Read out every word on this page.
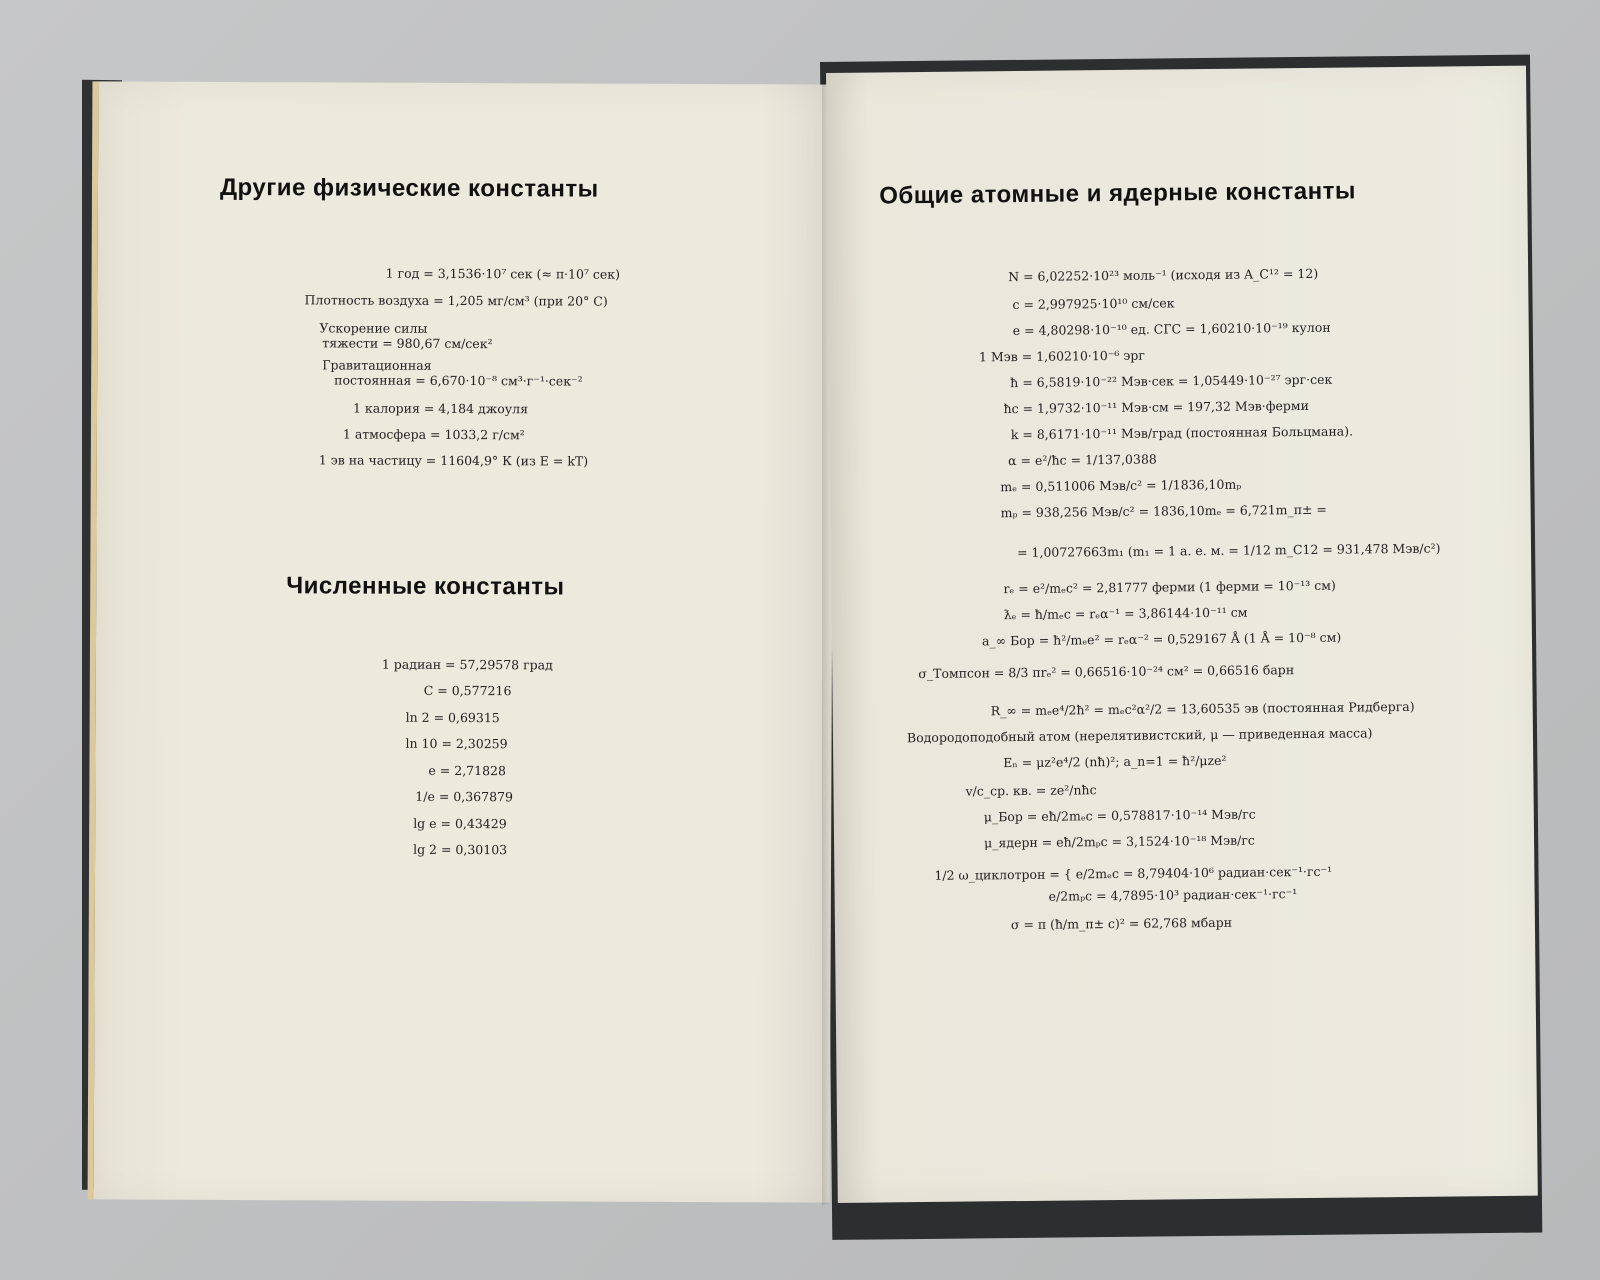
Другие физические константы

1 год = 3,1536·10⁷ сек (≈ π·10⁷ сек)

Плотность воздуха = 1,205 мг/см³ (при 20° С)

Ускорение силы

тяжести = 980,67 см/сек²

Гравитационная

постоянная = 6,670·10⁻⁸ см³·г⁻¹·сек⁻²

1 калория = 4,184 джоуля

1 атмосфера = 1033,2 г/см²

1 эв на частицу = 11604,9° К (из E = kT)

Численные константы

1 радиан = 57,29578 град

C = 0,577216

ln 2 = 0,69315

ln 10 = 2,30259

e = 2,71828

1/e = 0,367879

lg e = 0,43429

lg 2 = 0,30103

Общие атомные и ядерные константы

N = 6,02252·10²³ моль⁻¹ (исходя из A_C¹² = 12)

c = 2,997925·10¹⁰ см/сек

e = 4,80298·10⁻¹⁰ ед. СГС = 1,60210·10⁻¹⁹ кулон

1 Мэв = 1,60210·10⁻⁶ эрг

ħ = 6,5819·10⁻²² Мэв·сек = 1,05449·10⁻²⁷ эрг·сек

ħc = 1,9732·10⁻¹¹ Мэв·см = 197,32 Мэв·ферми

k = 8,6171·10⁻¹¹ Мэв/град (постоянная Больцмана).

α = e²/ħc = 1/137,0388

mₑ = 0,511006 Мэв/c² = 1/1836,10mₚ

mₚ = 938,256 Мэв/c² = 1836,10mₑ = 6,721m_π± =

= 1,00727663m₁ (m₁ = 1 а. е. м. = 1/12 m_C12 = 931,478 Мэв/c²)

rₑ = e²/mₑc² = 2,81777 ферми (1 ферми = 10⁻¹³ см)

ƛₑ = ħ/mₑc = rₑα⁻¹ = 3,86144·10⁻¹¹ см

a_∞ Бор = ħ²/mₑe² = rₑα⁻² = 0,529167 Å (1 Å = 10⁻⁸ см)

σ_Томпсон = 8/3 πrₑ² = 0,66516·10⁻²⁴ см² = 0,66516 барн

R_∞ = mₑe⁴/2ħ² = mₑc²α²/2 = 13,60535 эв (постоянная Ридберга)

Водородоподобный атом (нерелятивистский, μ — приведенная масса)

Eₙ = μz²e⁴/2 (nħ)²; a_n=1 = ħ²/μze²

v/c_ср. кв. = ze²/nħc

μ_Бор = eħ/2mₑc = 0,578817·10⁻¹⁴ Мэв/гс

μ_ядерн = eħ/2mₚc = 3,1524·10⁻¹⁸ Мэв/гс

1/2 ω_циклотрон = { e/2mₑc = 8,79404·10⁶ радиан·сек⁻¹·гс⁻¹

e/2mₚc = 4,7895·10³ радиан·сек⁻¹·гс⁻¹

σ = π (ħ/m_π± c)² = 62,768 мбарн
